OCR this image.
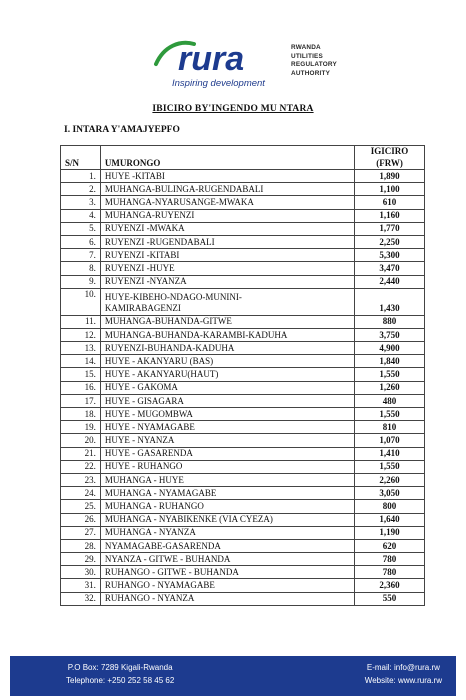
rura
Inspiring development
RWANDA
UTILITIES
REGULATORY
AUTHORITY
IBICIRO BY'INGENDO MU NTARA
I. INTARA Y'AMAJYEPFO
S/N	UMURONGO	IGICIRO (FRW)
1.	HUYE -KITABI	1,890
2.	MUHANGA-BULINGA-RUGENDABALI	1,100
3.	MUHANGA-NYARUSANGE-MWAKA	610
4.	MUHANGA-RUYENZI	1,160
5.	RUYENZI -MWAKA	1,770
6.	RUYENZI -RUGENDABALI	2,250
7.	RUYENZI -KITABI	5,300
8.	RUYENZI -HUYE	3,470
9.	RUYENZI -NYANZA	2,440
10.	HUYE-KIBEHO-NDAGO-MUNINI-
KAMIRABAGENZI	1,430
11.	MUHANGA-BUHANDA-GITWE	880
12.	MUHANGA-BUHANDA-KARAMBI-KADUHA	3,750
13.	RUYENZI-BUHANDA-KADUHA	4,900
14.	HUYE - AKANYARU (BAS)	1,840
15.	HUYE - AKANYARU(HAUT)	1,550
16.	HUYE - GAKOMA	1,260
17.	HUYE - GISAGARA	480
18.	HUYE - MUGOMBWA	1,550
19.	HUYE - NYAMAGABE	810
20.	HUYE - NYANZA	1,070
21.	HUYE - GASARENDA	1,410
22.	HUYE - RUHANGO	1,550
23.	MUHANGA - HUYE	2,260
24.	MUHANGA - NYAMAGABE	3,050
25.	MUHANGA - RUHANGO	800
26.	MUHANGA - NYABIKENKE (VIA CYEZA)	1,640
27.	MUHANGA - NYANZA	1,190
28.	NYAMAGABE-GASARENDA	620
29.	NYANZA - GITWE - BUHANDA	780
30.	RUHANGO - GITWE - BUHANDA	780
31.	RUHANGO - NYAMAGABE	2,360
32.	RUHANGO - NYANZA	550
P.O Box: 7289 Kigali-Rwanda
Telephone: +250 252 58 45 62
E-mail: info@rura.rw
Website: www.rura.rw
